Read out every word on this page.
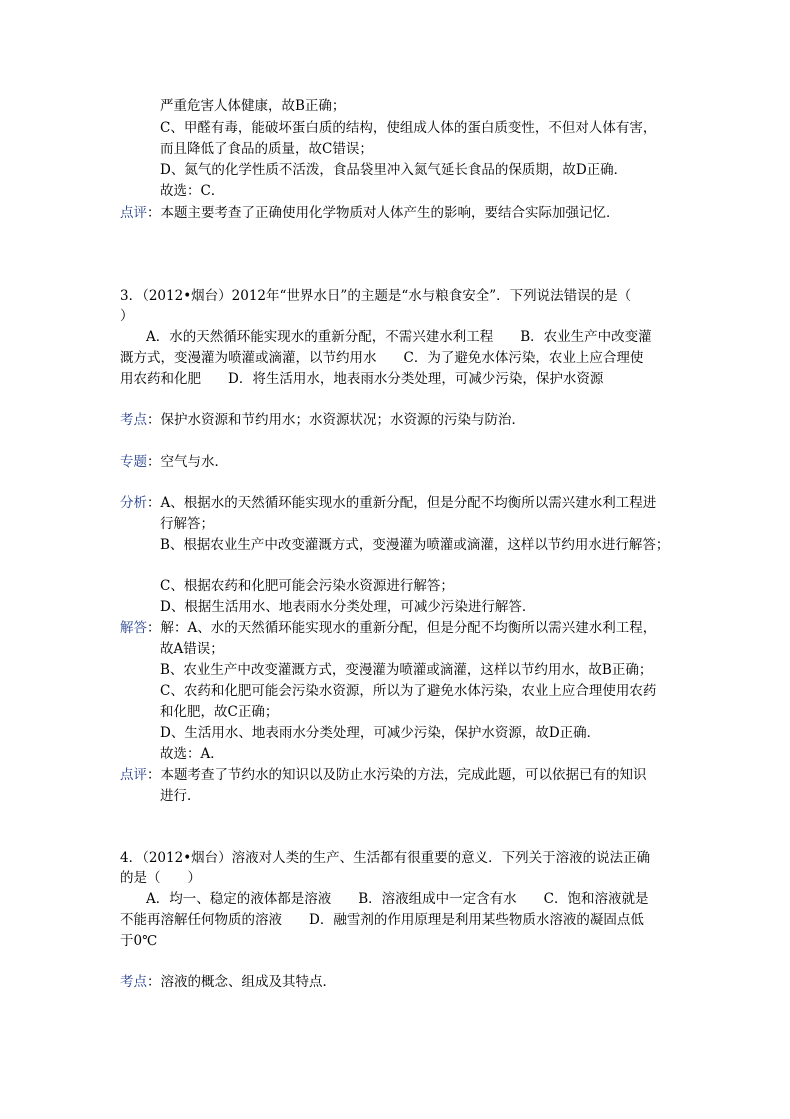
严重危害人体健康，故B正确；
C、甲醛有毒，能破坏蛋白质的结构，使组成人体的蛋白质变性，不但对人体有害，
而且降低了食品的质量，故C错误；
D、氮气的化学性质不活泼，食品袋里冲入氮气延长食品的保质期，故D正确．
故选：C．
点评：本题主要考查了正确使用化学物质对人体产生的影响，要结合实际加强记忆．
3．（2012•烟台）2012年“世界水日”的主题是“水与粮食安全”．下列说法错误的是（
）
A．水的天然循环能实现水的重新分配，不需兴建水利工程　　B．农业生产中改变灌
溉方式，变漫灌为喷灌或滴灌，以节约用水　　C．为了避免水体污染，农业上应合理使
用农药和化肥　　D．将生活用水，地表雨水分类处理，可减少污染，保护水资源
考点：保护水资源和节约用水；水资源状况；水资源的污染与防治．
专题：空气与水．
分析：A、根据水的天然循环能实现水的重新分配，但是分配不均衡所以需兴建水利工程进
行解答；
B、根据农业生产中改变灌溉方式，变漫灌为喷灌或滴灌，这样以节约用水进行解答；
C、根据农药和化肥可能会污染水资源进行解答；
D、根据生活用水、地表雨水分类处理，可减少污染进行解答．
解答：解：A、水的天然循环能实现水的重新分配，但是分配不均衡所以需兴建水利工程，
故A错误；
B、农业生产中改变灌溉方式，变漫灌为喷灌或滴灌，这样以节约用水，故B正确；
C、农药和化肥可能会污染水资源，所以为了避免水体污染，农业上应合理使用农药
和化肥，故C正确；
D、生活用水、地表雨水分类处理，可减少污染，保护水资源，故D正确．
故选：A．
点评：本题考查了节约水的知识以及防止水污染的方法，完成此题，可以依据已有的知识
进行．
4．（2012•烟台）溶液对人类的生产、生活都有很重要的意义．下列关于溶液的说法正确
的是（　　）
A．均一、稳定的液体都是溶液　　B．溶液组成中一定含有水　　C．饱和溶液就是
不能再溶解任何物质的溶液　　D．融雪剂的作用原理是利用某些物质水溶液的凝固点低
于0℃
考点：溶液的概念、组成及其特点．
